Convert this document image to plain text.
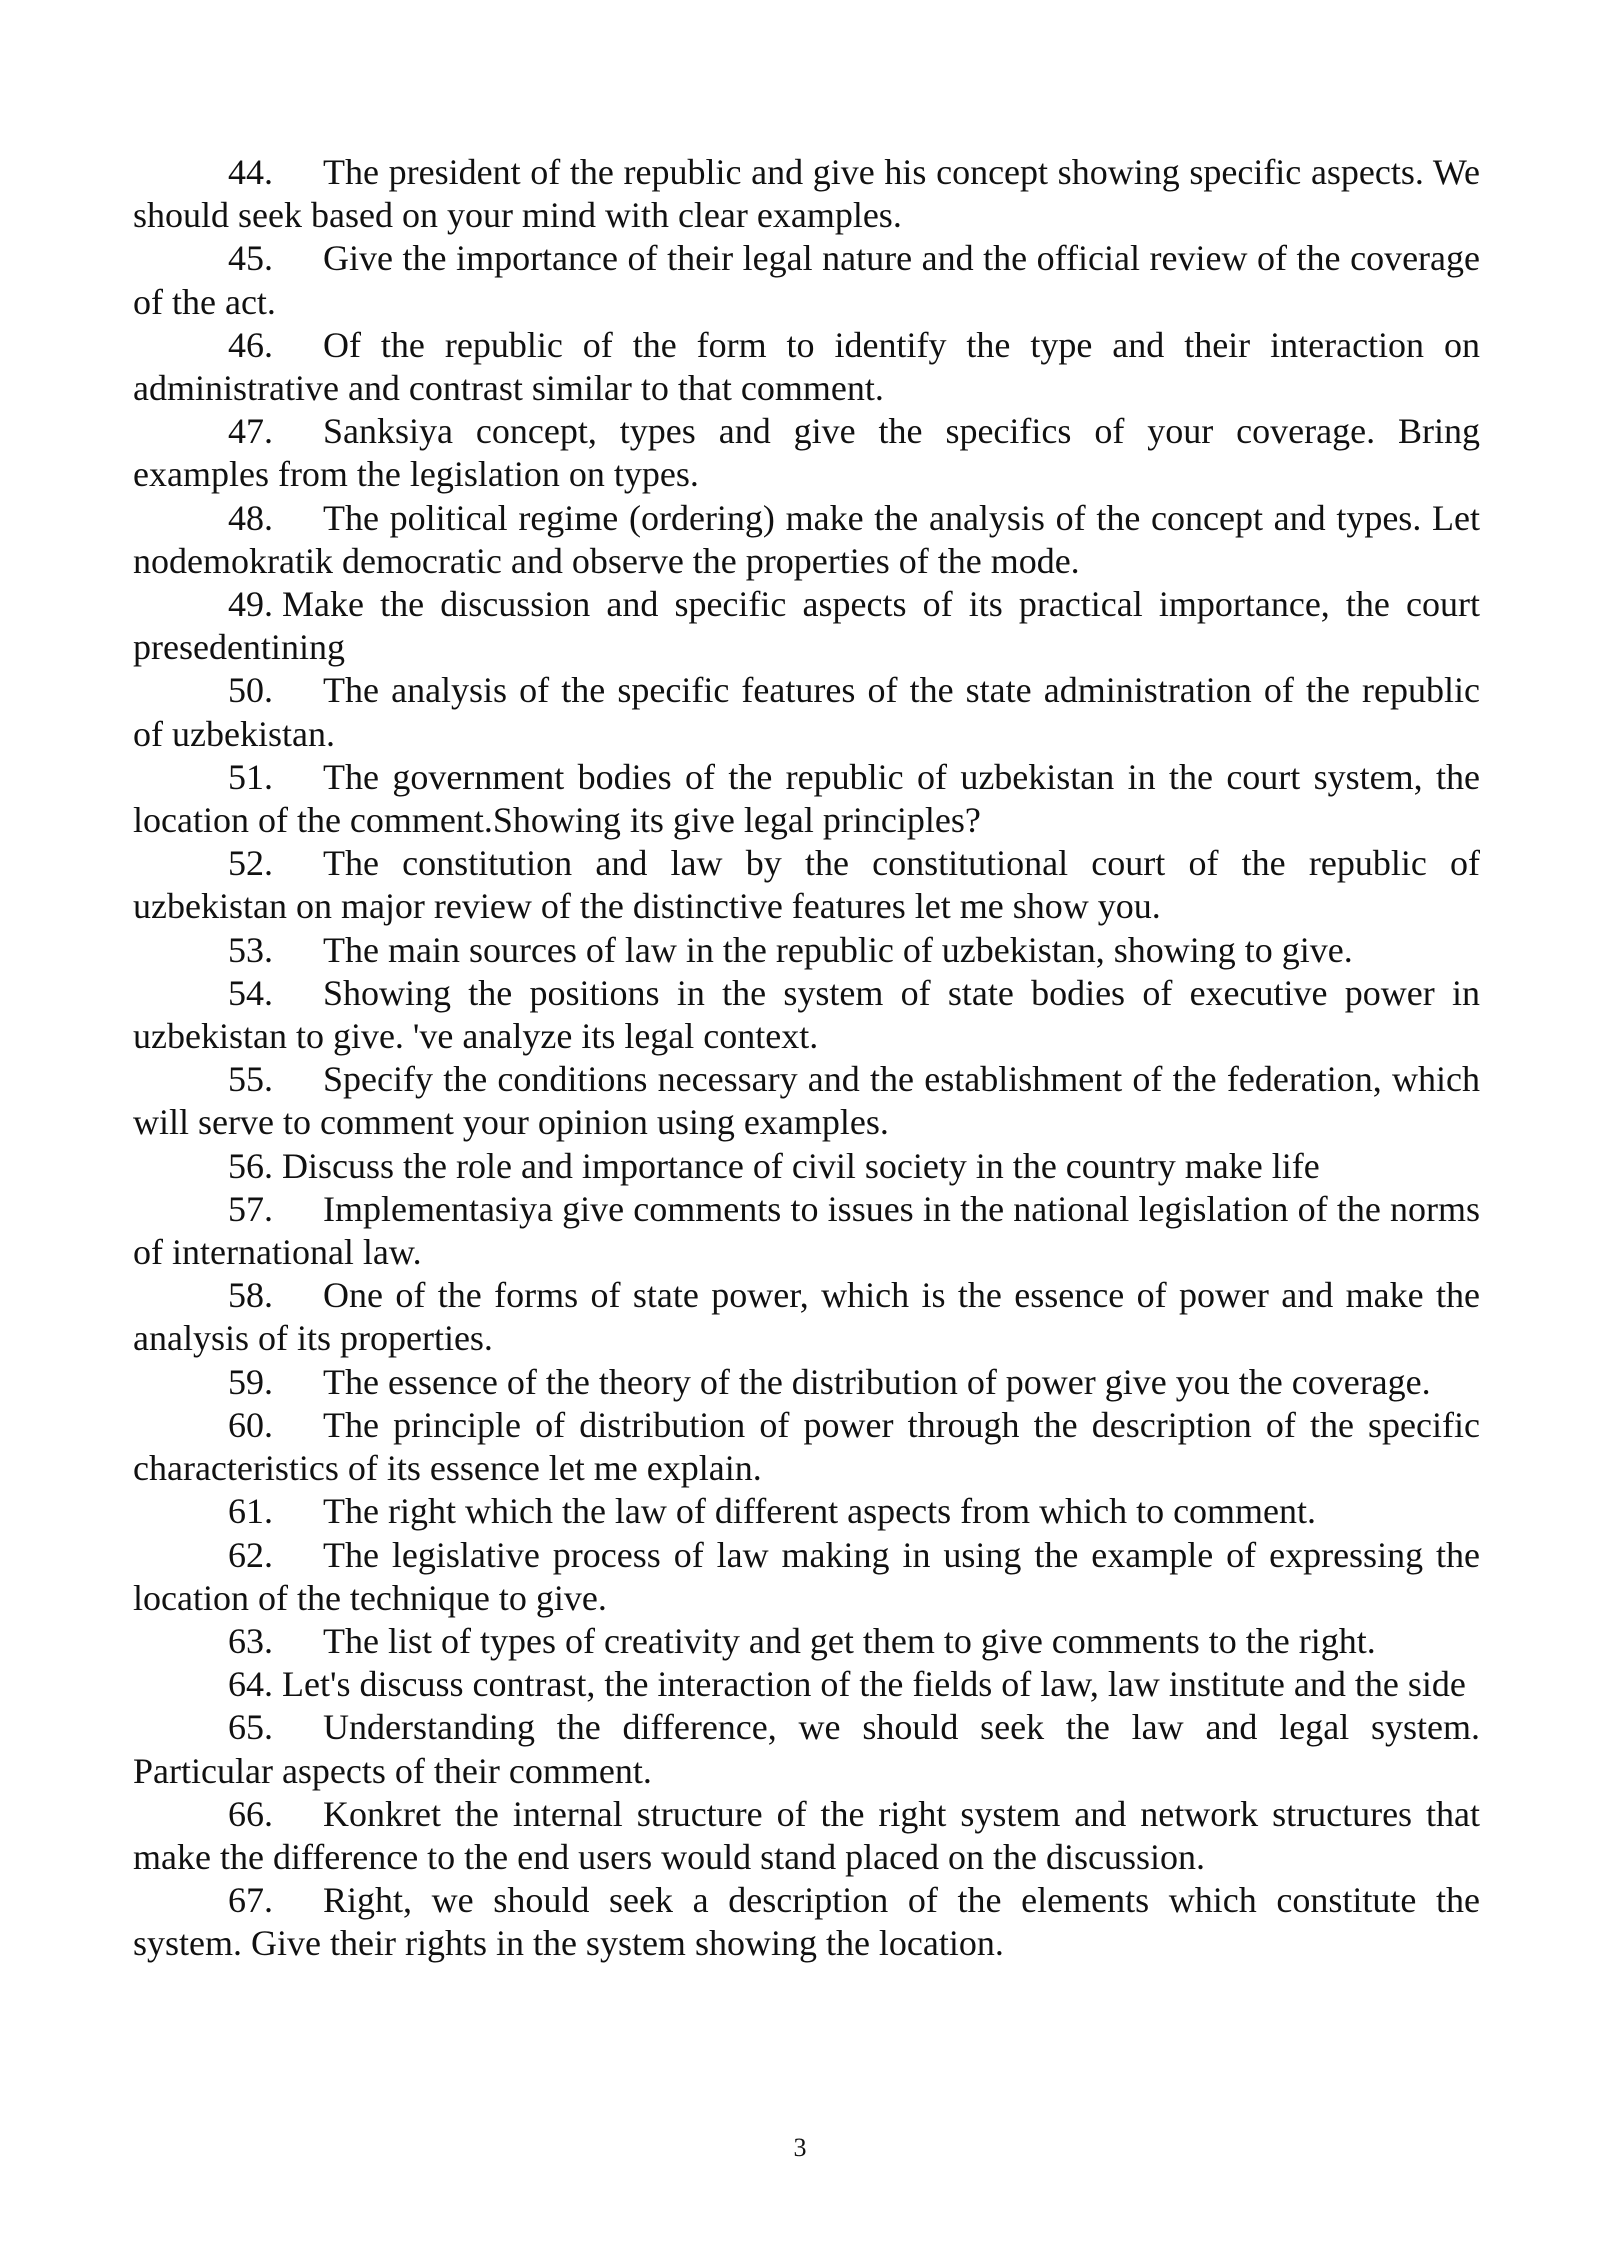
44. The president of the republic and give his concept showing specific aspects. We should seek based on your mind with clear examples.

45. Give the importance of their legal nature and the official review of the coverage of the act.

46. Of the republic of the form to identify the type and their interaction on administrative and contrast similar to that comment.

47. Sanksiya concept, types and give the specifics of your coverage. Bring examples from the legislation on types.

48. The political regime (ordering) make the analysis of the concept and types. Let nodemokratik democratic and observe the properties of the mode.

49. Make the discussion and specific aspects of its practical importance, the court presedentining

50. The analysis of the specific features of the state administration of the republic of uzbekistan.

51. The government bodies of the republic of uzbekistan in the court system, the location of the comment.Showing its give legal principles?

52. The constitution and law by the constitutional court of the republic of uzbekistan on major review of the distinctive features let me show you.

53. The main sources of law in the republic of uzbekistan, showing to give.

54. Showing the positions in the system of state bodies of executive power in uzbekistan to give. 've analyze its legal context.

55. Specify the conditions necessary and the establishment of the federation, which will serve to comment your opinion using examples.

56. Discuss the role and importance of civil society in the country make life

57. Implementasiya give comments to issues in the national legislation of the norms of international law.

58. One of the forms of state power, which is the essence of power and make the analysis of its properties.

59. The essence of the theory of the distribution of power give you the coverage.

60. The principle of distribution of power through the description of the specific characteristics of its essence let me explain.

61. The right which the law of different aspects from which to comment.

62. The legislative process of law making in using the example of expressing the location of the technique to give.

63. The list of types of creativity and get them to give comments to the right.

64. Let's discuss contrast, the interaction of the fields of law, law institute and the side

65. Understanding the difference, we should seek the law and legal system. Particular aspects of their comment.

66. Konkret the internal structure of the right system and network structures that make the difference to the end users would stand placed on the discussion.

67. Right, we should seek a description of the elements which constitute the system. Give their rights in the system showing the location.

3
